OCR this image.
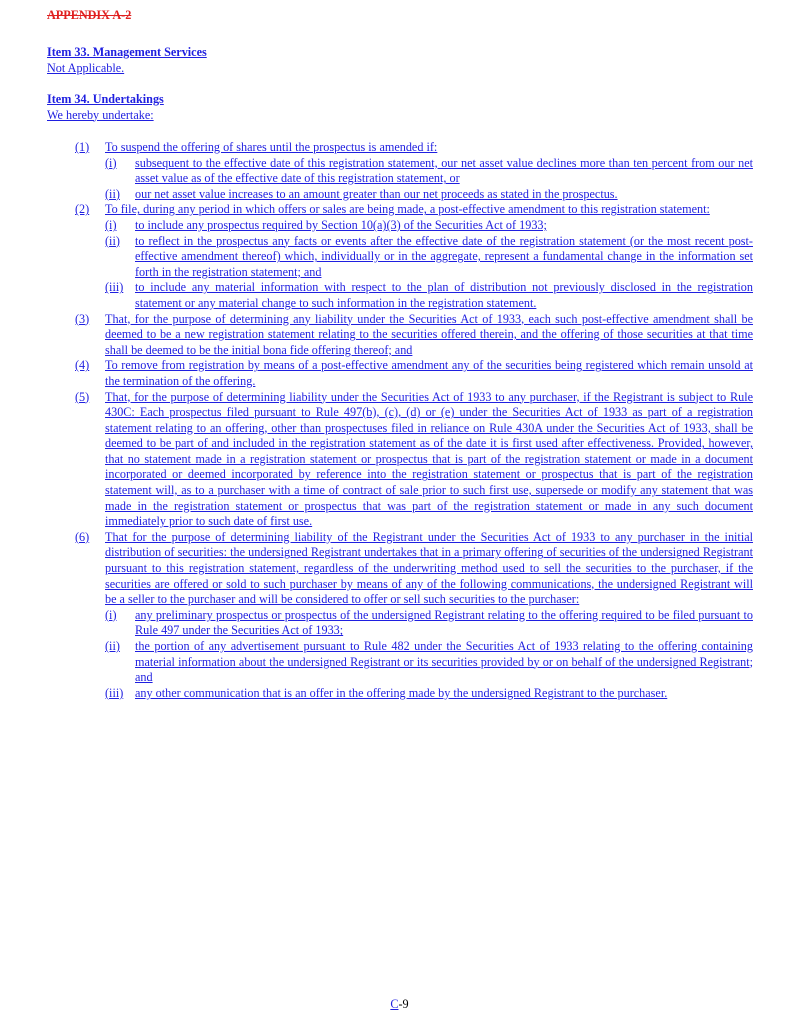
APPENDIX A-2
Item 33. Management Services
Not Applicable.
Item 34. Undertakings
We hereby undertake:
(1) To suspend the offering of shares until the prospectus is amended if:
(i) subsequent to the effective date of this registration statement, our net asset value declines more than ten percent from our net asset value as of the effective date of this registration statement, or
(ii) our net asset value increases to an amount greater than our net proceeds as stated in the prospectus.
(2) To file, during any period in which offers or sales are being made, a post-effective amendment to this registration statement:
(i) to include any prospectus required by Section 10(a)(3) of the Securities Act of 1933;
(ii) to reflect in the prospectus any facts or events after the effective date of the registration statement (or the most recent post-effective amendment thereof) which, individually or in the aggregate, represent a fundamental change in the information set forth in the registration statement; and
(iii) to include any material information with respect to the plan of distribution not previously disclosed in the registration statement or any material change to such information in the registration statement.
(3) That, for the purpose of determining any liability under the Securities Act of 1933, each such post-effective amendment shall be deemed to be a new registration statement relating to the securities offered therein, and the offering of those securities at that time shall be deemed to be the initial bona fide offering thereof; and
(4) To remove from registration by means of a post-effective amendment any of the securities being registered which remain unsold at the termination of the offering.
(5) That, for the purpose of determining liability under the Securities Act of 1933 to any purchaser, if the Registrant is subject to Rule 430C: Each prospectus filed pursuant to Rule 497(b), (c), (d) or (e) under the Securities Act of 1933 as part of a registration statement relating to an offering, other than prospectuses filed in reliance on Rule 430A under the Securities Act of 1933, shall be deemed to be part of and included in the registration statement as of the date it is first used after effectiveness. Provided, however, that no statement made in a registration statement or prospectus that is part of the registration statement or made in a document incorporated or deemed incorporated by reference into the registration statement or prospectus that is part of the registration statement will, as to a purchaser with a time of contract of sale prior to such first use, supersede or modify any statement that was made in the registration statement or prospectus that was part of the registration statement or made in any such document immediately prior to such date of first use.
(6) That for the purpose of determining liability of the Registrant under the Securities Act of 1933 to any purchaser in the initial distribution of securities: the undersigned Registrant undertakes that in a primary offering of securities of the undersigned Registrant pursuant to this registration statement, regardless of the underwriting method used to sell the securities to the purchaser, if the securities are offered or sold to such purchaser by means of any of the following communications, the undersigned Registrant will be a seller to the purchaser and will be considered to offer or sell such securities to the purchaser:
(i) any preliminary prospectus or prospectus of the undersigned Registrant relating to the offering required to be filed pursuant to Rule 497 under the Securities Act of 1933;
(ii) the portion of any advertisement pursuant to Rule 482 under the Securities Act of 1933 relating to the offering containing material information about the undersigned Registrant or its securities provided by or on behalf of the undersigned Registrant; and
(iii) any other communication that is an offer in the offering made by the undersigned Registrant to the purchaser.
C-9
